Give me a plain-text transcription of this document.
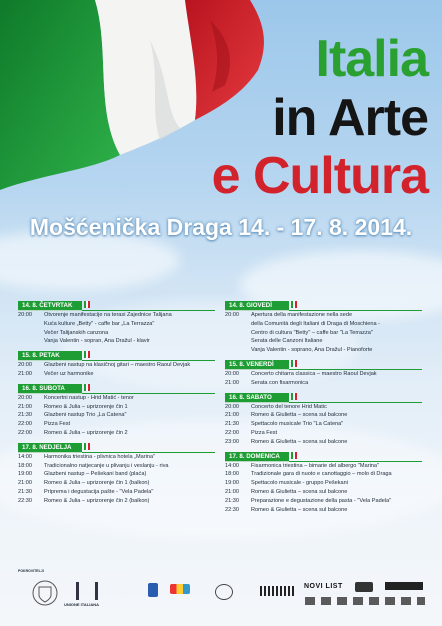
Italia
in Arte
e Cultura
Mošćenička Draga 14. - 17. 8. 2014.
14. 8. ČETVRTAK
20:00	Otvorenje manifestacije na terasi Zajednice Talijana
Kuća kulture „Betty" - caffe bar „La Terrazza"
Večer Talijanskih canzona
Vanja Valentin - sopran, Ana Dražul - klavir
15. 8. PETAK
20:00	Glazbeni nastup na klasičnoj gitari – maestro Raoul Devjak
21:00	Večer uz harmonike
16. 8. SUBOTA
20:00	Koncertni nastup - Hrid Matić - tenor
21:00	Romeo & Julia – uprizorenje čin 1
21:30	Glazbeni nastup Trio „La Catena"
22:00	Pizza Fest
22:00	Romeo & Julia – uprizorenje čin 2
17. 8. NEDJELJA
14:00	Harmonika triestina - plivnica hotela „Marina"
18:00	Tradicionalno natjecanje u plivanju i veslanju - riva
19:00	Glazbeni nastup – Pešekani band (plaća)
21:00	Romeo & Julia – uprizorenje čin 1 (balkon)
21:30	Priprema i degustacija pašte - "Vela Padela"
22:30	Romeo & Julia – uprizorenje čin 2 (balkon)
14. 8. GIOVEDÌ
20:00	Apertura della manifestazione nella sede
della Comunità degli Italiani di Draga di Moschiena -
Centro di cultura "Betty" – caffe bar "La Terrazza"
Serata delle Canzoni Italiane
Vanja Valentin - soprano, Ana Dražul - Pianoforte
15. 8. VENERDÌ
20:00	Concerto chitarra classica – maestro Raoul Devjak
21:00	Serata con fisarmonica
16. 8. SABATO
20:00	Concerto del tenore Hrid Matic
21:00	Romeo & Giulietta – scena sul balcone
21:30	Spettacolo musicale Trio "La Catena"
22:00	Pizza Fest
23:00	Romeo & Giulietta – scena sul balcone
17. 8. DOMENICA
14:00	Fisarmonica triestina – bimarie del albergo "Marina"
18:00	Tradizionale gara di nuoto e canottaggio – molo di Draga
19:00	Spettacolo musicale - gruppo Pešekani
21:00	Romeo & Giulietta – scena sul balcone
21:30	Preparazione e degustazione della pasta - "Vela Padela"
22:30	Romeo & Giulietta – scena sul balcone
POKROVITELJI
UNIONE ITALIANA
NOVI LIST
